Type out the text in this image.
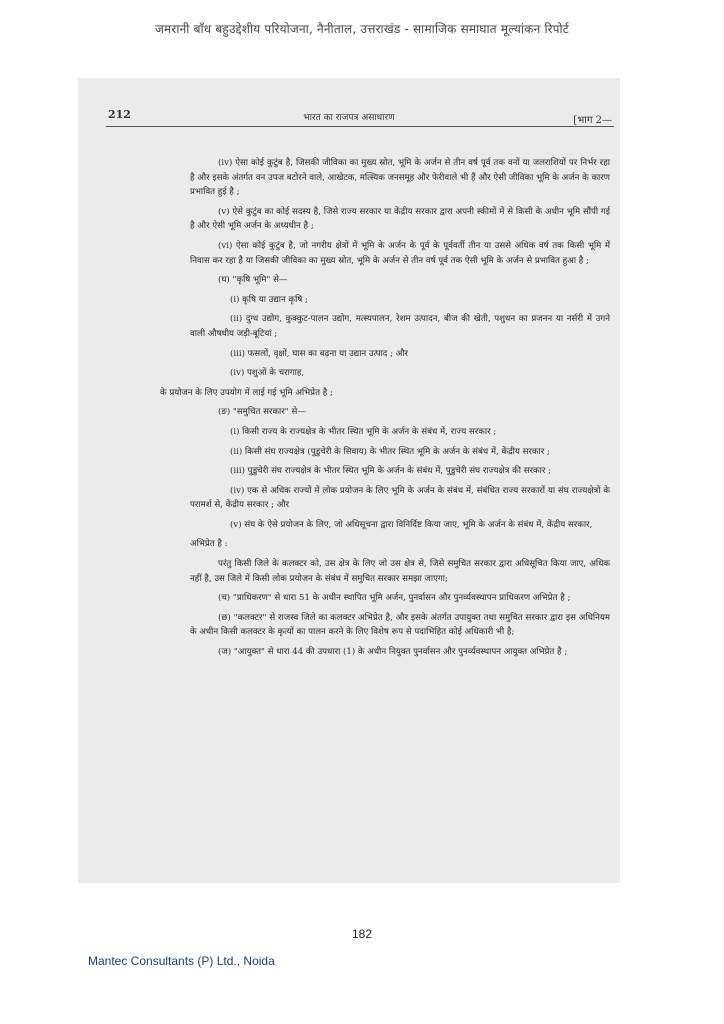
जमरानी बाँध बहुउद्देशीय परियोजना, नैनीताल, उत्तराखंड - सामाजिक समाघात मूल्यांकन रिपोर्ट
212	भारत का राजपत्र असाधारण	[भाग 2—

(iv) ऐसा कोई कुटुंब है, जिसकी जीविका का मुख्य स्रोत, भूमि के अर्जन से तीन वर्ष पूर्व तक वनों या जलराशियों पर निर्भर रहा है और इसके अंतर्गत वन उपज बटोरने वाले, आखेटक, मत्स्यिक जनसमूह और फेरीवाले भी हैं और ऐसी जीविका भूमि के अर्जन के कारण प्रभावित हुई है ;

(v) ऐसे कुटुंब का कोई सदस्य है, जिसे राज्य सरकार या केंद्रीय सरकार द्वारा अपनी स्कीमों में से किसी के अधीन भूमि सौंपी गई है और ऐसी भूमि अर्जन के अध्यधीन है ;

(vi) ऐसा कोई कुटुंब है, जो नगरीय क्षेत्रों में भूमि के अर्जन के पूर्व के पूर्ववर्ती तीन या उससे अधिक वर्ष तक किसी भूमि में निवास कर रहा है या जिसकी जीविका का मुख्य स्रोत, भूमि के अर्जन से तीन वर्ष पूर्व तक ऐसी भूमि के अर्जन से प्रभावित हुआ है ;

(घ) "कृषि भूमि" से—

(i) कृषि या उद्यान कृषि ;

(ii) दुग्ध उद्योग, कुक्कुट-पालन उद्योग, मत्स्यपालन, रेशम उत्पादन, बीज की खेती, पशुधन का प्रजनन या नर्सरी में उगने वाली औषधीय जड़ी-बूटियां ;

(iii) फसलों, वृक्षों, घास का बढ़ना या उद्यान उत्पाद ; और

(iv) पशुओं के चरागाह,

के प्रयोजन के लिए उपयोग में लाई गई भूमि अभिप्रेत है ;

(ङ) "समुचित सरकार" से—

(i) किसी राज्य के राज्यक्षेत्र के भीतर स्थित भूमि के अर्जन के संबंध में, राज्य सरकार ;

(ii) किसी संघ राज्यक्षेत्र (पुडुचेरी के सिवाय) के भीतर स्थित भूमि के अर्जन के संबंध में, केंद्रीय सरकार ;

(iii) पुडुचेरी संघ राज्यक्षेत्र के भीतर स्थित भूमि के अर्जन के संबंध में, पुडुचेरी संघ राज्यक्षेत्र की सरकार ;

(iv) एक से अधिक राज्यों में लोक प्रयोजन के लिए भूमि के अर्जन के संबंध में, संबंधित राज्य सरकारों या संघ राज्यक्षेत्रों के परामर्श से, केंद्रीय सरकार ; और

(v) संघ के ऐसे प्रयोजन के लिए, जो अधिसूचना द्वारा विनिर्दिष्ट किया जाए, भूमि के अर्जन के संबंध में, केंद्रीय सरकार,

अभिप्रेत है :

परंतु किसी जिले के कलक्टर को, उस क्षेत्र के लिए जो उस क्षेत्र से, जिसे समुचित सरकार द्वारा अधिसूचित किया जाए, अधिक नहीं है, उस जिले में किसी लोक प्रयोजन के संबंध में समुचित सरकार समझा जाएगा;

(च) "प्राधिकरण" से धारा 51 के अधीन स्थापित भूमि अर्जन, पुनर्वासन और पुनर्व्यवस्थापन प्राधिकरण अभिप्रेत है ;

(छ) "कलक्टर" से राजस्व जिले का कलक्टर अभिप्रेत है, और इसके अंतर्गत उपायुक्त तथा समुचित सरकार द्वारा इस अधिनियम के अधीन किसी कलक्टर के कृत्यों का पालन करने के लिए विशेष रूप से पदाभिहित कोई अधिकारी भी है;

(ज) "आयुक्त" से धारा 44 की उपधारा (1) के अधीन नियुक्त पुनर्वासन और पुनर्व्यवस्थापन आयुक्त अभिप्रेत है ;

182
Mantec Consultants (P) Ltd., Noida
